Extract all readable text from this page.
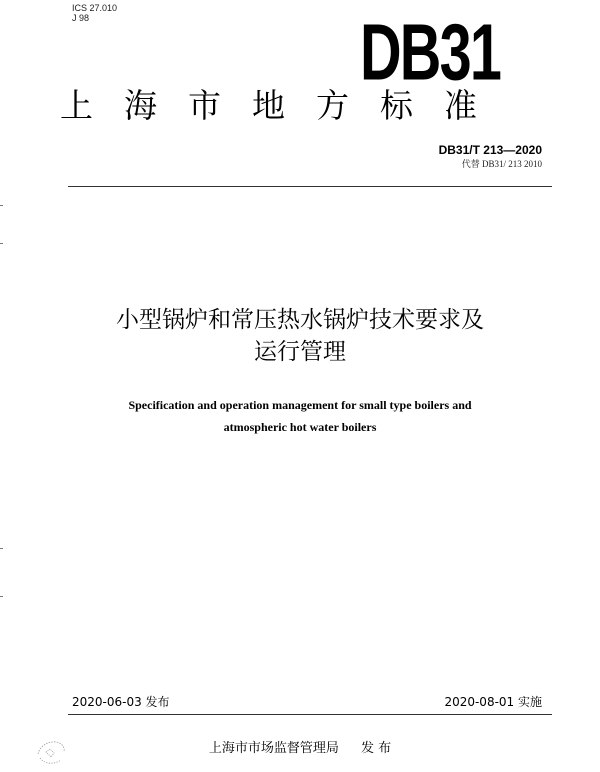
ICS 27.010
J 98	DB31
上海市地方标准
DB31/T 213—2020
代替 DB31/ 213 2010
小型锅炉和常压热水锅炉技术要求及
运行管理
Specification and operation management for small type boilers and
atmospheric hot water boilers
2020-06-03 发布	2020-08-01 实施
上海市市场监督管理局 发 布
